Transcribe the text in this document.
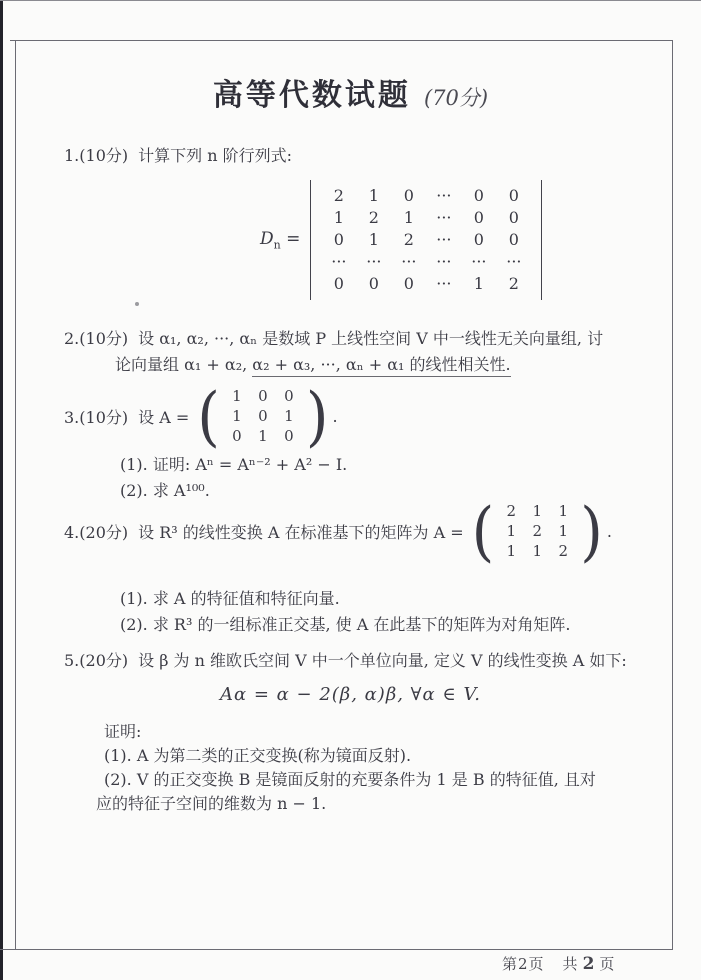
高等代数试题 (70分)
1.(10分) 计算下列 n 阶行列式:
$D_n$ =
2	1	0	···	0	0
1	2	1	···	0	0
0	1	2	···	0	0
···	···	···	···	···	···
0	0	0	···	1	2
2.(10分) 设 α₁, α₂, ···, αₙ 是数域 P 上线性空间 V 中一线性无关向量组, 讨
论向量组 α₁ + α₂, α₂ + α₃, ···, αₙ + α₁ 的线性相关性.
3.(10分) 设 A = ( 1	0	0
1	0	1
0	1	0 ) .
(1). 证明: Aⁿ = Aⁿ⁻² + A² − I.
(2). 求 A¹⁰⁰.
4.(20分) 设 R³ 的线性变换 A 在标准基下的矩阵为 A = ( 2	1	1
1	2	1
1	1	2 ) .
(1). 求 A 的特征值和特征向量.
(2). 求 R³ 的一组标准正交基, 使 A 在此基下的矩阵为对角矩阵.
5.(20分) 设 β 为 n 维欧氏空间 V 中一个单位向量, 定义 V 的线性变换 A 如下:
Aα = α − 2(β, α)β, ∀α ∈ V.
证明:
(1). A 为第二类的正交变换(称为镜面反射).
(2). V 的正交变换 B 是镜面反射的充要条件为 1 是 B 的特征值, 且对
应的特征子空间的维数为 n − 1.
第2页 共 2 页
